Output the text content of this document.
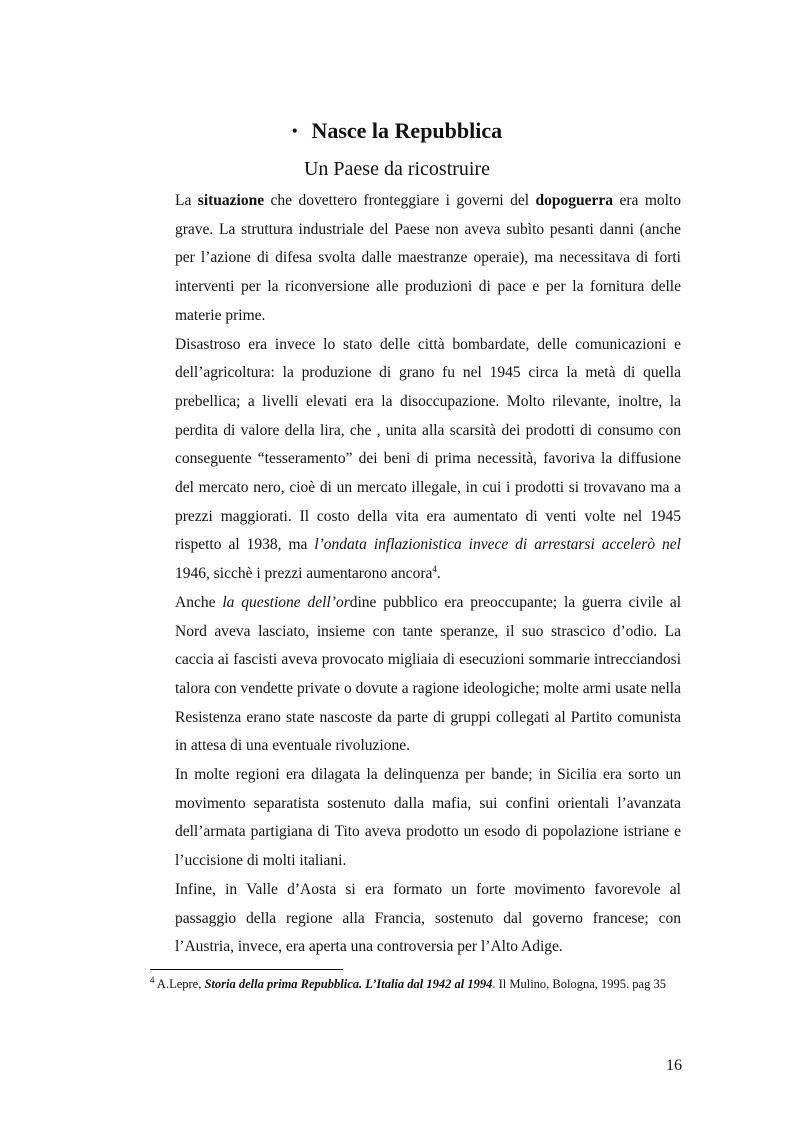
• Nasce la Repubblica
Un Paese da ricostruire

La situazione che dovettero fronteggiare i governi del dopoguerra era molto grave. La struttura industriale del Paese non aveva subìto pesanti danni (anche per l’azione di difesa svolta dalle maestranze operaie), ma necessitava di forti interventi per la riconversione alle produzioni di pace e per la fornitura delle materie prime.

Disastroso era invece lo stato delle città bombardate, delle comunicazioni e dell’agricoltura: la produzione di grano fu nel 1945 circa la metà di quella prebellica; a livelli elevati era la disoccupazione. Molto rilevante, inoltre, la perdita di valore della lira, che , unita alla scarsità dei prodotti di consumo con conseguente “tesseramento” dei beni di prima necessità, favoriva la diffusione del mercato nero, cioè di un mercato illegale, in cui i prodotti si trovavano ma a prezzi maggiorati. Il costo della vita era aumentato di venti volte nel 1945 rispetto al 1938, ma l’ondata inflazionistica invece di arrestarsi accelerò nel 1946, sicchè i prezzi aumentarono ancora$^4$.

Anche la questione dell’ordine pubblico era preoccupante; la guerra civile al Nord aveva lasciato, insieme con tante speranze, il suo strascico d’odio. La caccia ai fascisti aveva provocato migliaia di esecuzioni sommarie intrecciandosi talora con vendette private o dovute a ragione ideologiche; molte armi usate nella Resistenza erano state nascoste da parte di gruppi collegati al Partito comunista in attesa di una eventuale rivoluzione.

In molte regioni era dilagata la delinquenza per bande; in Sicilia era sorto un movimento separatista sostenuto dalla mafia, sui confini orientali l’avanzata dell’armata partigiana di Tito aveva prodotto un esodo di popolazione istriane e l’uccisione di molti italiani.

Infine, in Valle d’Aosta si era formato un forte movimento favorevole al passaggio della regione alla Francia, sostenuto dal governo francese; con l’Austria, invece, era aperta una controversia per l’Alto Adige.

$^4$ A.Lepre, Storia della prima Repubblica. L’Italia dal 1942 al 1994. Il Mulino, Bologna, 1995. pag 35
16
